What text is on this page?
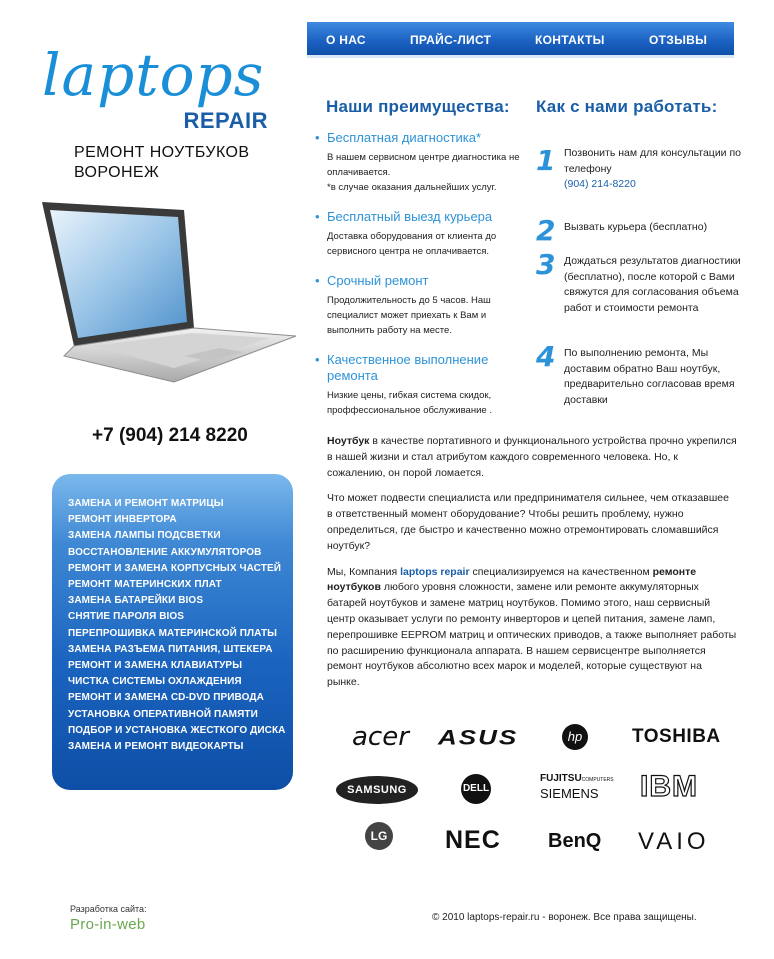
laptops
REPAIR
РЕМОНТ НОУТБУКОВ ВОРОНЕЖ
+7 (904) 214 8220
ЗАМЕНА И РЕМОНТ МАТРИЦЫ
РЕМОНТ ИНВЕРТОРА
ЗАМЕНА ЛАМПЫ ПОДСВЕТКИ
ВОССТАНОВЛЕНИЕ АККУМУЛЯТОРОВ
РЕМОНТ И ЗАМЕНА КОРПУСНЫХ ЧАСТЕЙ
РЕМОНТ МАТЕРИНСКИХ ПЛАТ
ЗАМЕНА БАТАРЕЙКИ BIOS
СНЯТИЕ ПАРОЛЯ BIOS
ПЕРЕПРОШИВКА МАТЕРИНСКОЙ ПЛАТЫ
ЗАМЕНА РАЗЪЕМА ПИТАНИЯ, ШТЕКЕРА
РЕМОНТ И ЗАМЕНА КЛАВИАТУРЫ
ЧИСТКА СИСТЕМЫ ОХЛАЖДЕНИЯ
РЕМОНТ И ЗАМЕНА CD-DVD ПРИВОДА
УСТАНОВКА ОПЕРАТИВНОЙ ПАМЯТИ
ПОДБОР И УСТАНОВКА ЖЕСТКОГО ДИСКА
ЗАМЕНА И РЕМОНТ ВИДЕОКАРТЫ
О НАС	ПРАЙС-ЛИСТ	КОНТАКТЫ	ОТЗЫВЫ
Наши преимущества:
• Бесплатная диагностика*
В нашем сервисном центре диагностика не оплачивается.
*в случае оказания дальнейших услуг.
• Бесплатный выезд курьера
Доставка оборудования от клиента до сервисного центра не оплачивается.
• Срочный ремонт
Продолжительность до 5 часов. Наш специалист может приехать к Вам и выполнить работу на месте.
• Качественное выполнение ремонта
Низкие цены, гибкая система скидок, проффессиональное обслуживание .
Как с нами работать:
1 Позвонить нам для консультации по телефону
(904) 214-8220
2 Вызвать курьера (бесплатно)
3 Дождаться результатов диагностики (бесплатно), после которой с Вами свяжутся для согласования объема работ и стоимости ремонта
4 По выполнению ремонта, Мы доставим обратно Ваш ноутбук, предварительно согласовав время доставки

Ноутбук в качестве портативного и функционального устройства прочно укрепился в нашей жизни и стал атрибутом каждого современного человека. Но, к сожалению, он порой ломается.

Что может подвести специалиста или предпринимателя сильнее, чем отказавшее в ответственный момент оборудование? Чтобы решить проблему, нужно определиться, где быстро и качественно можно отремонтировать сломавшийся ноутбук?

Мы, Компания laptops repair специализируемся на качественном ремонте ноутбуков любого уровня сложности, замене или ремонте аккумуляторных батарей ноутбуков и замене матриц ноутбуков. Помимо этого, наш сервисный центр оказывает услуги по ремонту инверторов и цепей питания, замене ламп, перепрошивке EEPROM матриц и оптических приводов, а также выполняет работы по расширению функционала аппарата. В нашем сервисцентре выполняется ремонт ноутбуков абсолютно всех марок и моделей, которые существуют на рынке.

acer ASUS	hp	TOSHIBA
SAMSUNG	DELL
FUJITSUCOMPUTERS
SIEMENS	IBM
LG NEC BenQ VAIO
Разработка сайта:
Pro-in-web	© 2010 laptops-repair.ru - воронеж. Все права защищены.
